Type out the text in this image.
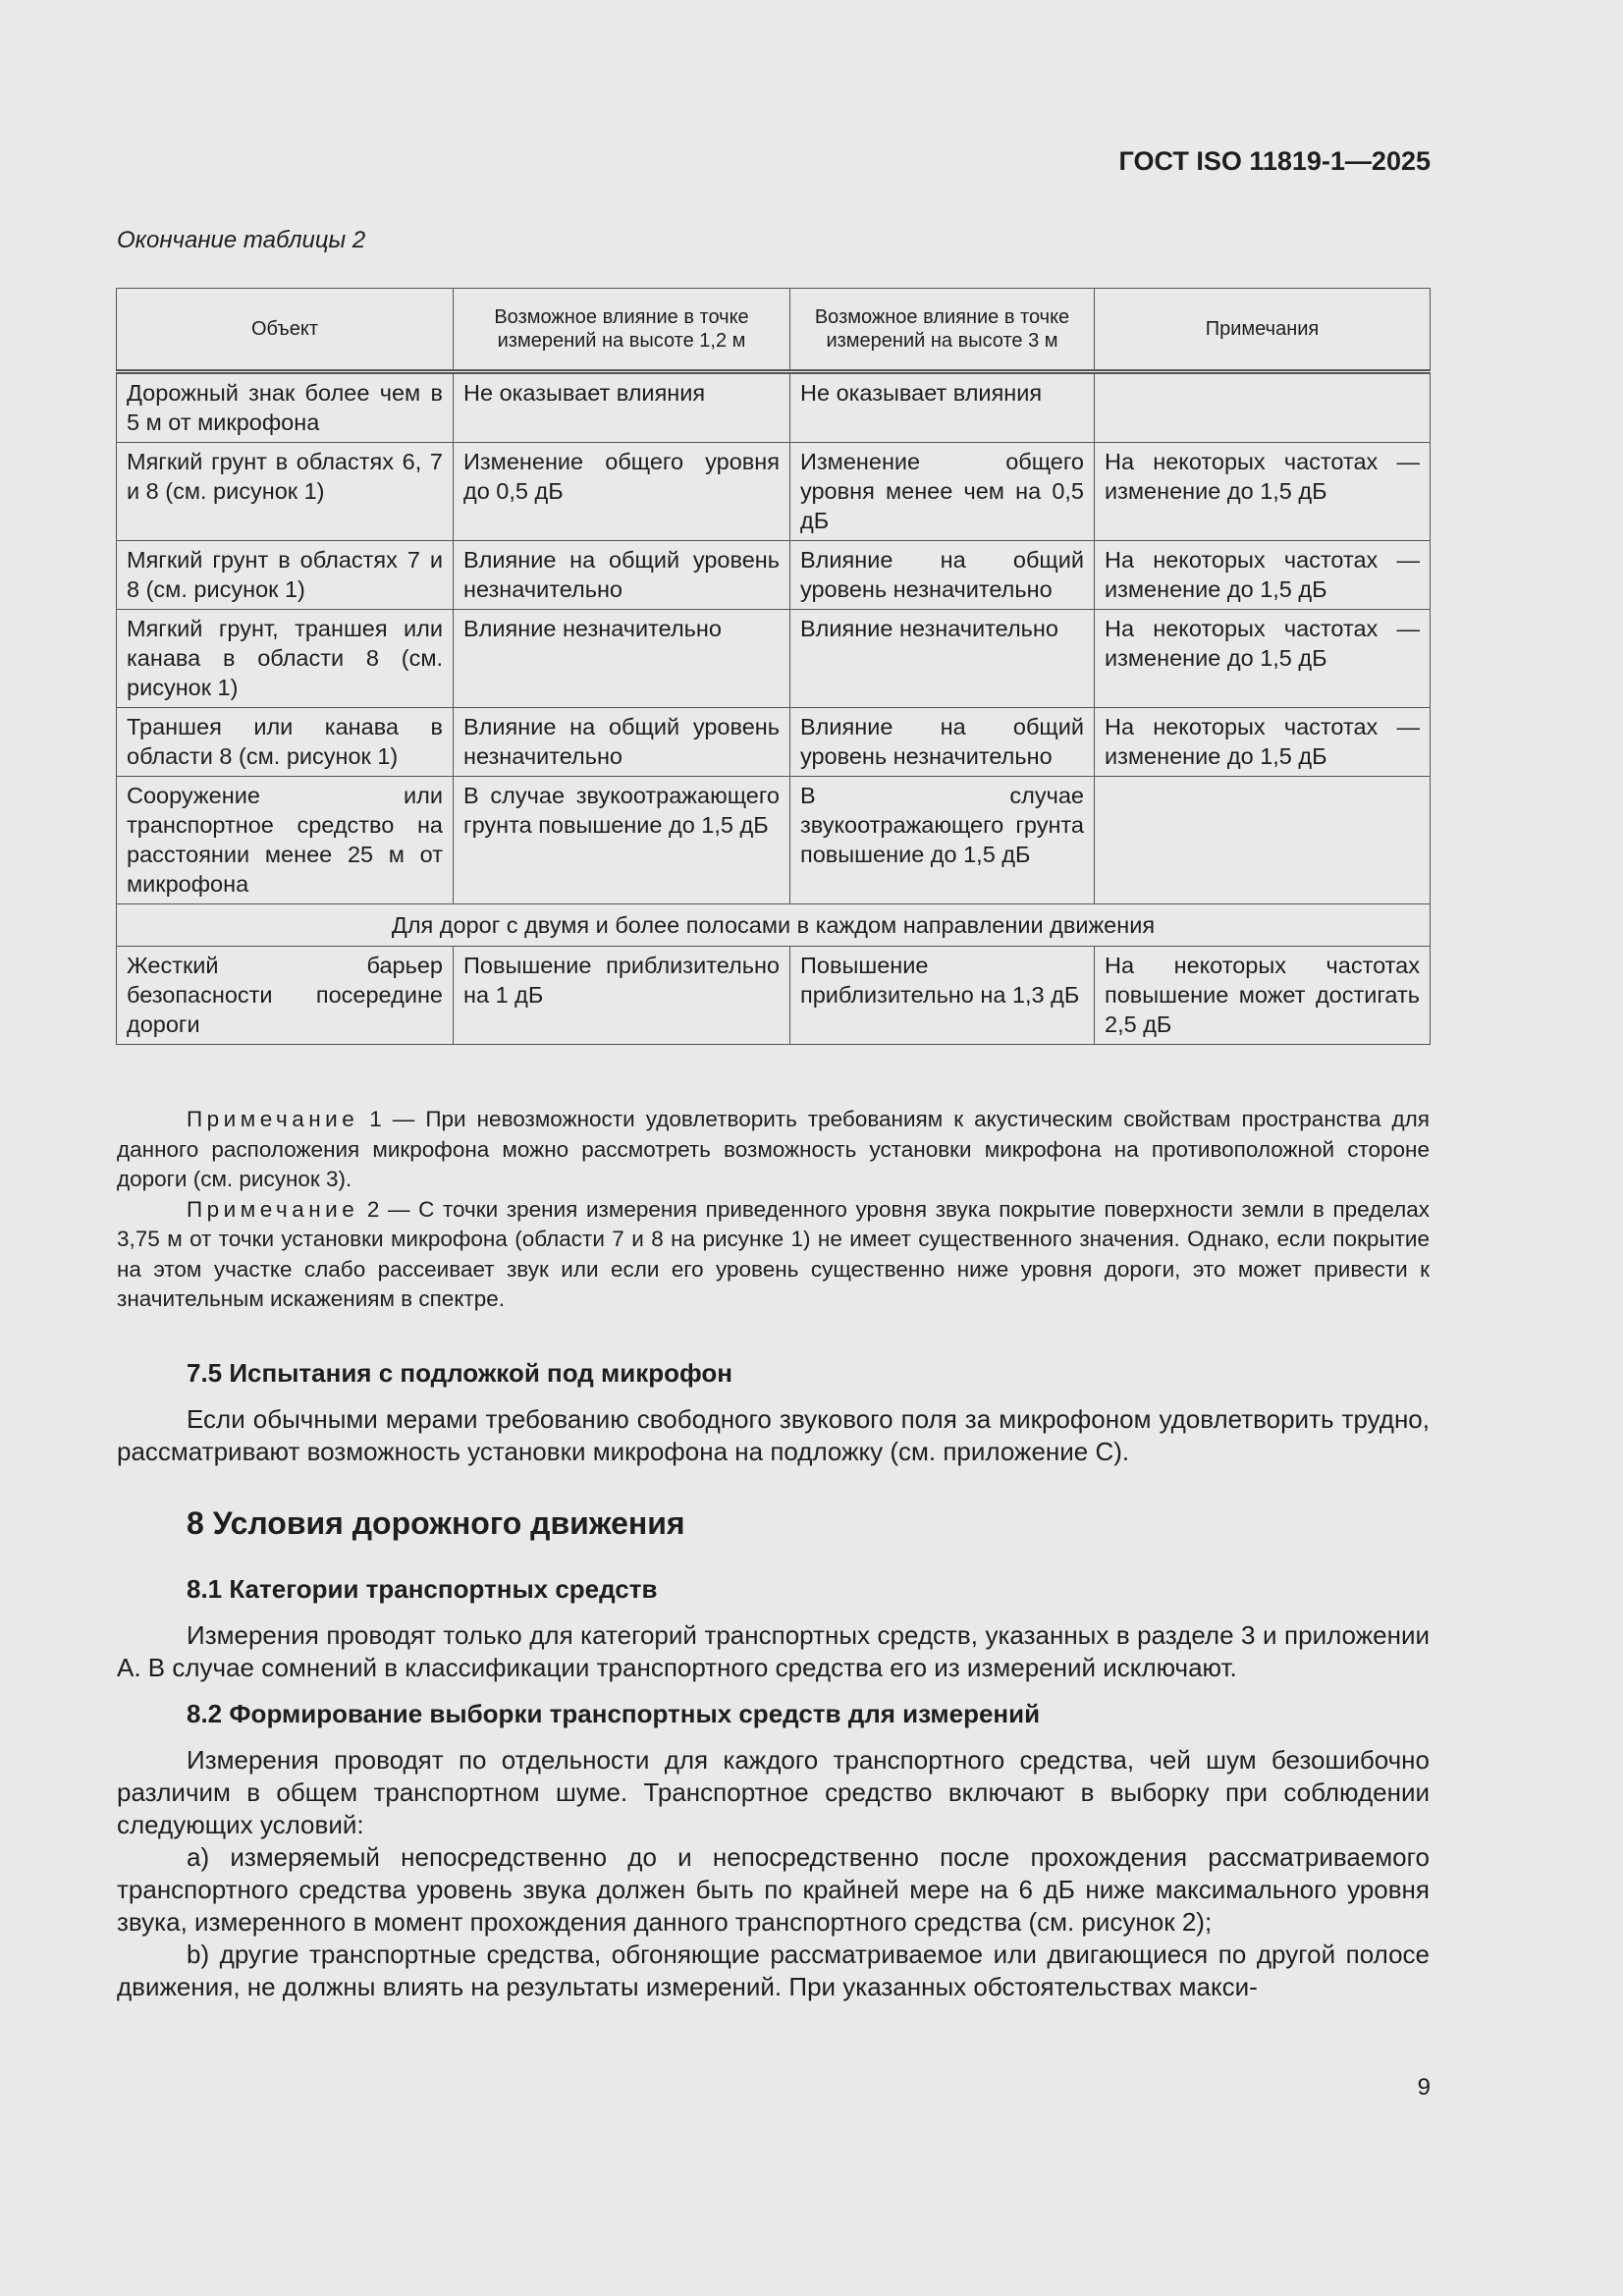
ГОСТ ISO 11819-1—2025
Окончание таблицы 2
Объект	Возможное влияние в точке измерений на высоте 1,2 м	Возможное влияние в точке измерений на высоте 3 м	Примечания
Дорожный знак более чем в 5 м от микрофона	Не оказывает влияния	Не оказывает влияния	
Мягкий грунт в областях 6, 7 и 8 (см. рисунок 1)	Изменение общего уровня до 0,5 дБ	Изменение общего уровня менее чем на 0,5 дБ	На некоторых частотах — изменение до 1,5 дБ
Мягкий грунт в областях 7 и 8 (см. рисунок 1)	Влияние на общий уровень незначительно	Влияние на общий уровень незначительно	На некоторых частотах — изменение до 1,5 дБ
Мягкий грунт, траншея или канава в области 8 (см. рисунок 1)	Влияние незначительно	Влияние незначительно	На некоторых частотах — изменение до 1,5 дБ
Траншея или канава в области 8 (см. рисунок 1)	Влияние на общий уровень незначительно	Влияние на общий уровень незначительно	На некоторых частотах — изменение до 1,5 дБ
Сооружение или транспортное средство на расстоянии менее 25 м от микрофона	В случае звукоотражающего грунта повышение до 1,5 дБ	В случае звукоотражающего грунта повышение до 1,5 дБ	
Для дорог с двумя и более полосами в каждом направлении движения			
Жесткий барьер безопасности посередине дороги	Повышение приблизительно на 1 дБ	Повышение приблизительно на 1,3 дБ	На некоторых частотах повышение может достигать 2,5 дБ

Примечание 1 — При невозможности удовлетворить требованиям к акустическим свойствам пространства для данного расположения микрофона можно рассмотреть возможность установки микрофона на противоположной стороне дороги (см. рисунок 3).

Примечание 2 — С точки зрения измерения приведенного уровня звука покрытие поверхности земли в пределах 3,75 м от точки установки микрофона (области 7 и 8 на рисунке 1) не имеет существенного значения. Однако, если покрытие на этом участке слабо рассеивает звук или если его уровень существенно ниже уровня дороги, это может привести к значительным искажениям в спектре.

7.5 Испытания с подложкой под микрофон

Если обычными мерами требованию свободного звукового поля за микрофоном удовлетворить трудно, рассматривают возможность установки микрофона на подложку (см. приложение С).

8 Условия дорожного движения
8.1 Категории транспортных средств

Измерения проводят только для категорий транспортных средств, указанных в разделе 3 и приложении А. В случае сомнений в классификации транспортного средства его из измерений исключают.

8.2 Формирование выборки транспортных средств для измерений

Измерения проводят по отдельности для каждого транспортного средства, чей шум безошибочно различим в общем транспортном шуме. Транспортное средство включают в выборку при соблюдении следующих условий:

a) измеряемый непосредственно до и непосредственно после прохождения рассматриваемого транспортного средства уровень звука должен быть по крайней мере на 6 дБ ниже максимального уровня звука, измеренного в момент прохождения данного транспортного средства (см. рисунок 2);

b) другие транспортные средства, обгоняющие рассматриваемое или двигающиеся по другой полосе движения, не должны влиять на результаты измерений. При указанных обстоятельствах макси-

9
